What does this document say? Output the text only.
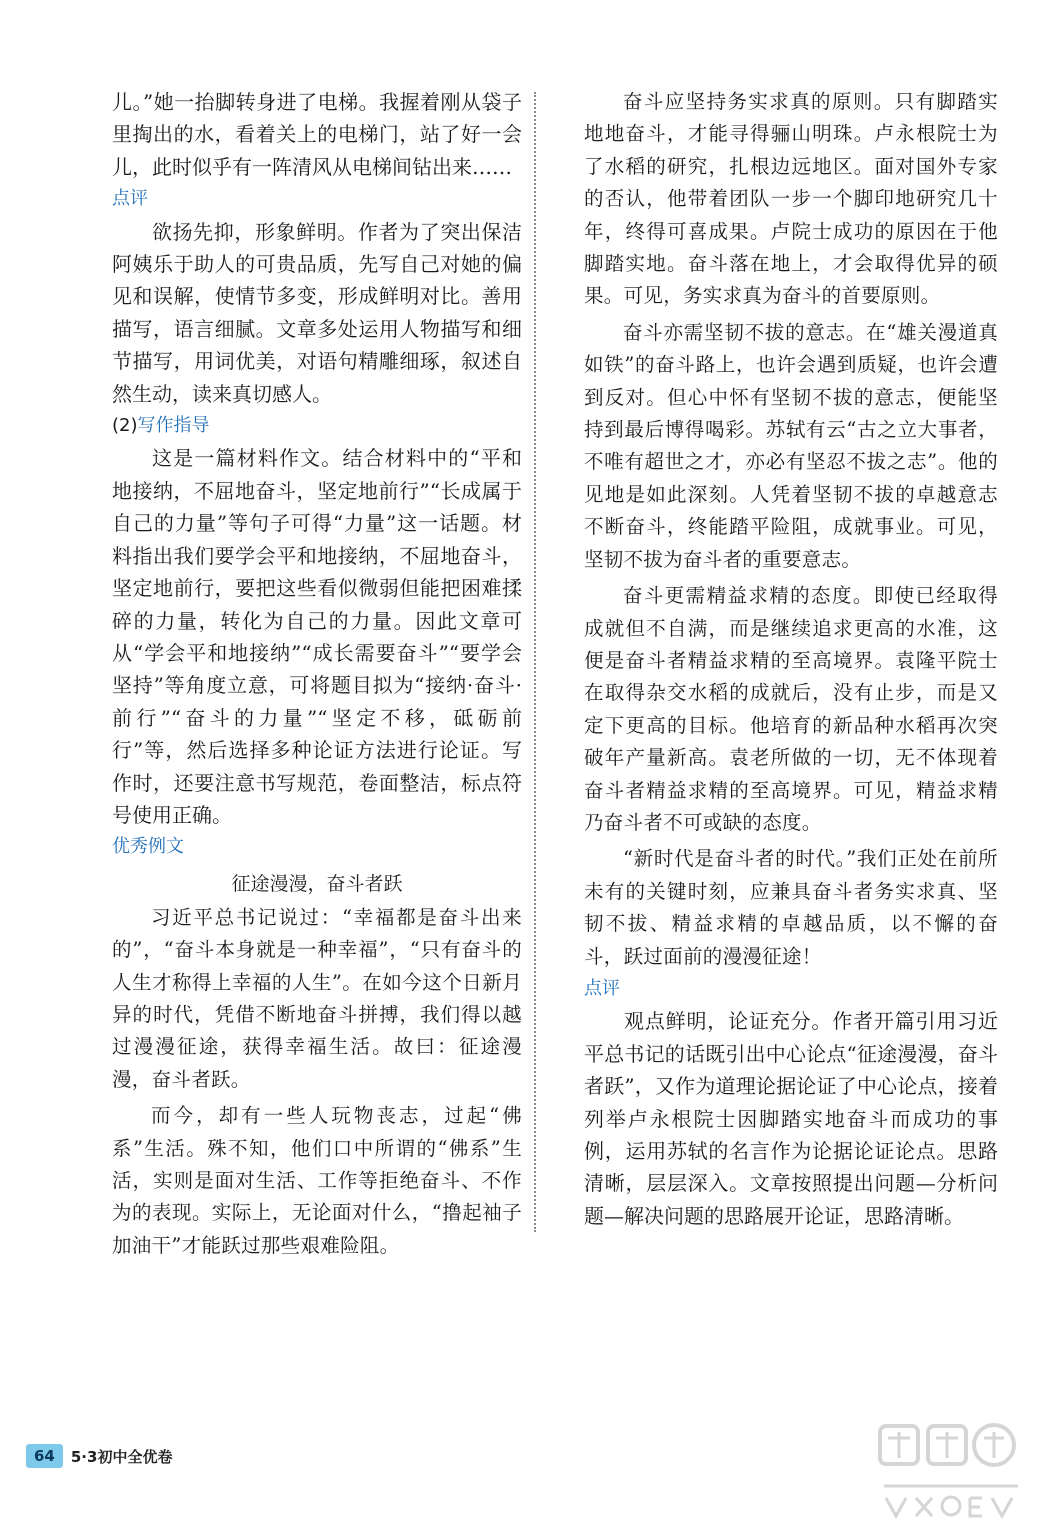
儿。”她一抬脚转身进了电梯。我握着刚从袋子里掏出的水，看着关上的电梯门，站了好一会儿，此时似乎有一阵清风从电梯间钻出来……

点评

欲扬先抑，形象鲜明。作者为了突出保洁阿姨乐于助人的可贵品质，先写自己对她的偏见和误解，使情节多变，形成鲜明对比。善用描写，语言细腻。文章多处运用人物描写和细节描写，用词优美，对语句精雕细琢，叙述自然生动，读来真切感人。

(2)写作指导

这是一篇材料作文。结合材料中的“平和地接纳，不屈地奋斗，坚定地前行”“长成属于自己的力量”等句子可得“力量”这一话题。材料指出我们要学会平和地接纳，不屈地奋斗，坚定地前行，要把这些看似微弱但能把困难揉碎的力量，转化为自己的力量。因此文章可从“学会平和地接纳”“成长需要奋斗”“要学会坚持”等角度立意，可将题目拟为“接纳·奋斗·前行”“奋斗的力量”“坚定不移，砥砺前行”等，然后选择多种论证方法进行论证。写作时，还要注意书写规范，卷面整洁，标点符号使用正确。

优秀例文

征途漫漫，奋斗者跃

习近平总书记说过：“幸福都是奋斗出来的”，“奋斗本身就是一种幸福”，“只有奋斗的人生才称得上幸福的人生”。在如今这个日新月异的时代，凭借不断地奋斗拼搏，我们得以越过漫漫征途，获得幸福生活。故曰：征途漫漫，奋斗者跃。

而今，却有一些人玩物丧志，过起“佛系”生活。殊不知，他们口中所谓的“佛系”生活，实则是面对生活、工作等拒绝奋斗、不作为的表现。实际上，无论面对什么，“撸起袖子加油干”才能跃过那些艰难险阻。

奋斗应坚持务实求真的原则。只有脚踏实地地奋斗，才能寻得骊山明珠。卢永根院士为了水稻的研究，扎根边远地区。面对国外专家的否认，他带着团队一步一个脚印地研究几十年，终得可喜成果。卢院士成功的原因在于他脚踏实地。奋斗落在地上，才会取得优异的硕果。可见，务实求真为奋斗的首要原则。

奋斗亦需坚韧不拔的意志。在“雄关漫道真如铁”的奋斗路上，也许会遇到质疑，也许会遭到反对。但心中怀有坚韧不拔的意志，便能坚持到最后博得喝彩。苏轼有云“古之立大事者，不唯有超世之才，亦必有坚忍不拔之志”。他的见地是如此深刻。人凭着坚韧不拔的卓越意志不断奋斗，终能踏平险阻，成就事业。可见，坚韧不拔为奋斗者的重要意志。

奋斗更需精益求精的态度。即使已经取得成就但不自满，而是继续追求更高的水准，这便是奋斗者精益求精的至高境界。袁隆平院士在取得杂交水稻的成就后，没有止步，而是又定下更高的目标。他培育的新品种水稻再次突破年产量新高。袁老所做的一切，无不体现着奋斗者精益求精的至高境界。可见，精益求精乃奋斗者不可或缺的态度。

“新时代是奋斗者的时代。”我们正处在前所未有的关键时刻，应兼具奋斗者务实求真、坚韧不拔、精益求精的卓越品质，以不懈的奋斗，跃过面前的漫漫征途！

点评

观点鲜明，论证充分。作者开篇引用习近平总书记的话既引出中心论点“征途漫漫，奋斗者跃”，又作为道理论据论证了中心论点，接着列举卢永根院士因脚踏实地奋斗而成功的事例，运用苏轼的名言作为论据论证论点。思路清晰，层层深入。文章按照提出问题—分析问题—解决问题的思路展开论证，思路清晰。

64	5·3初中全优卷
